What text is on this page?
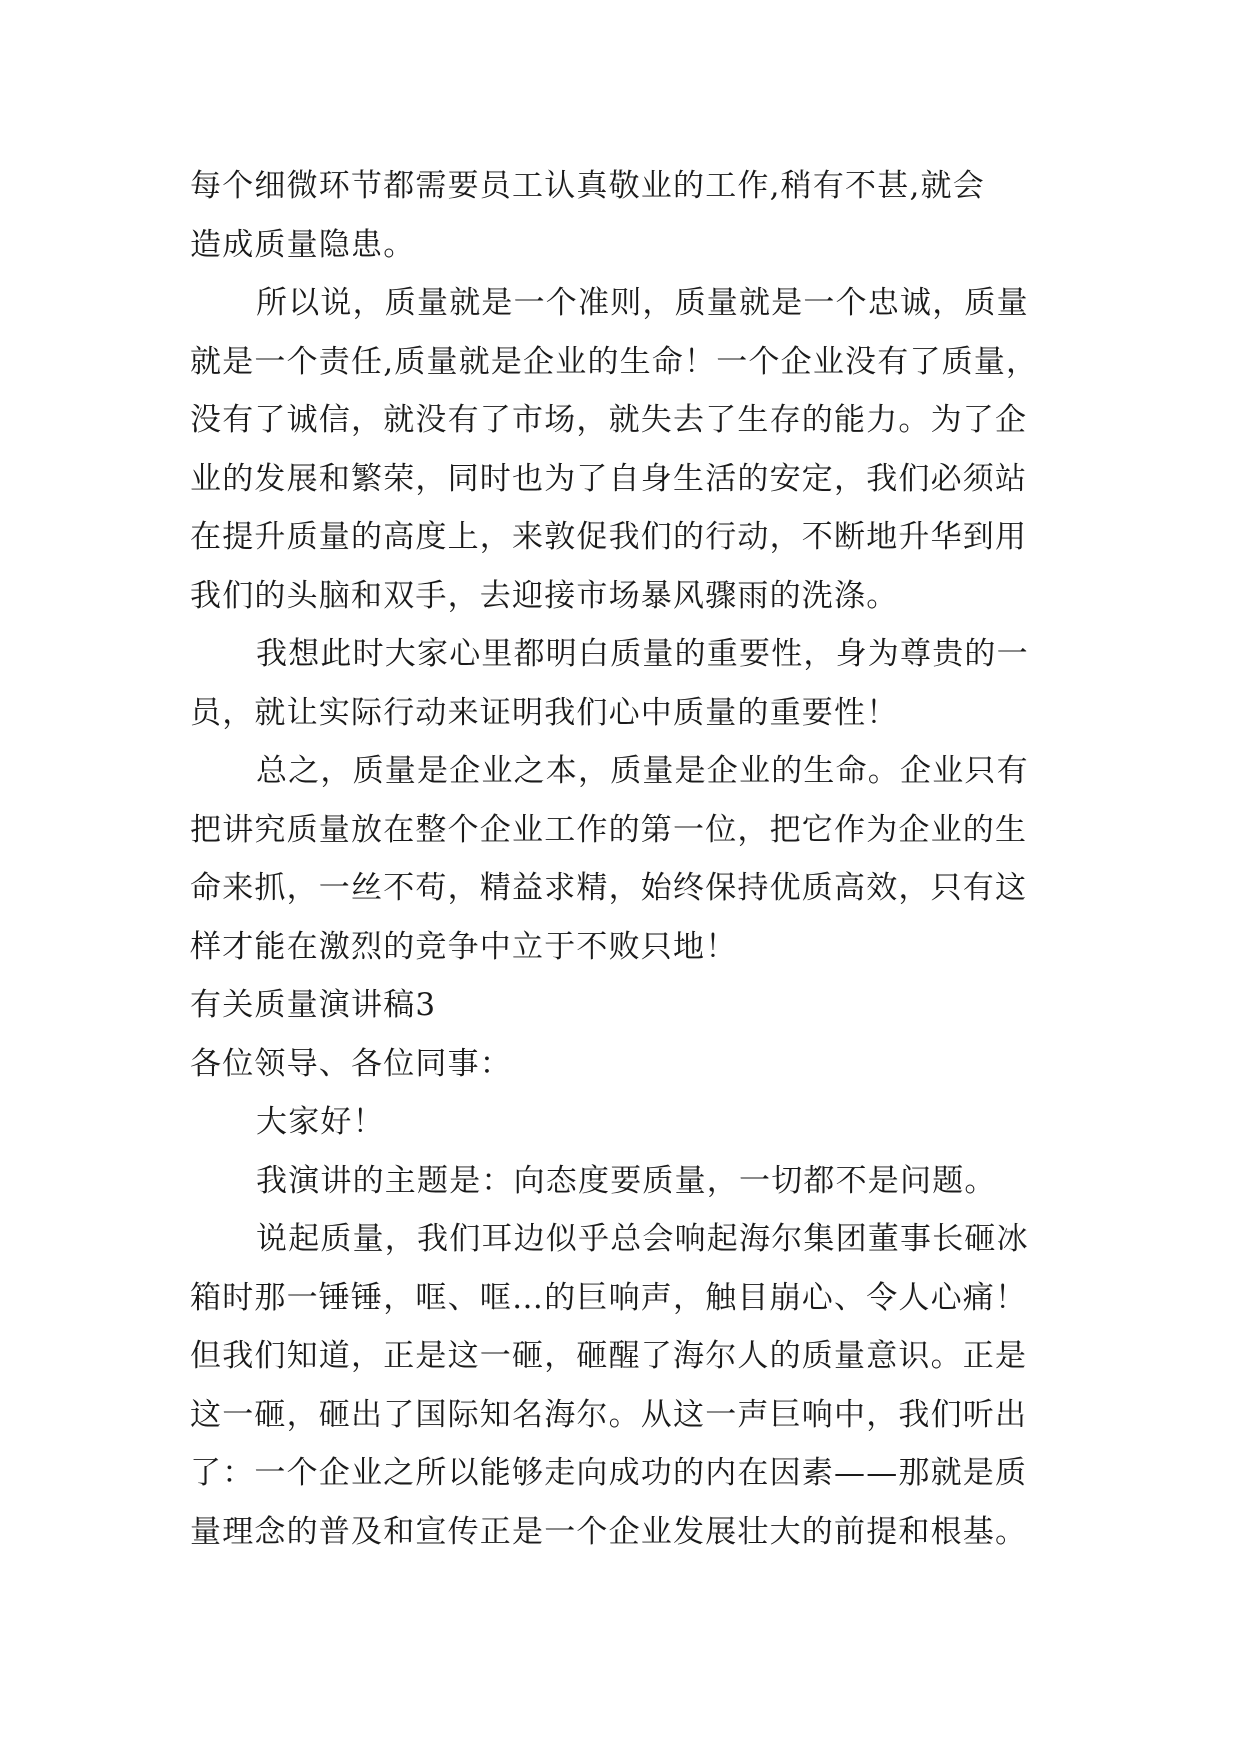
每个细微环节都需要员工认真敬业的工作,稍有不甚,就会
造成质量隐患。
所以说，质量就是一个准则，质量就是一个忠诚，质量
就是一个责任,质量就是企业的生命！一个企业没有了质量，
没有了诚信，就没有了市场，就失去了生存的能力。为了企
业的发展和繁荣，同时也为了自身生活的安定，我们必须站
在提升质量的高度上，来敦促我们的行动，不断地升华到用
我们的头脑和双手，去迎接市场暴风骤雨的洗涤。
我想此时大家心里都明白质量的重要性，身为尊贵的一
员，就让实际行动来证明我们心中质量的重要性！
总之，质量是企业之本，质量是企业的生命。企业只有
把讲究质量放在整个企业工作的第一位，把它作为企业的生
命来抓，一丝不苟，精益求精，始终保持优质高效，只有这
样才能在激烈的竞争中立于不败只地！
有关质量演讲稿3
各位领导、各位同事：
大家好！
我演讲的主题是：向态度要质量，一切都不是问题。
说起质量，我们耳边似乎总会响起海尔集团董事长砸冰
箱时那一锤锤，哐、哐…的巨响声，触目崩心、令人心痛！
但我们知道，正是这一砸，砸醒了海尔人的质量意识。正是
这一砸，砸出了国际知名海尔。从这一声巨响中，我们听出
了：一个企业之所以能够走向成功的内在因素——那就是质
量理念的普及和宣传正是一个企业发展壮大的前提和根基。
